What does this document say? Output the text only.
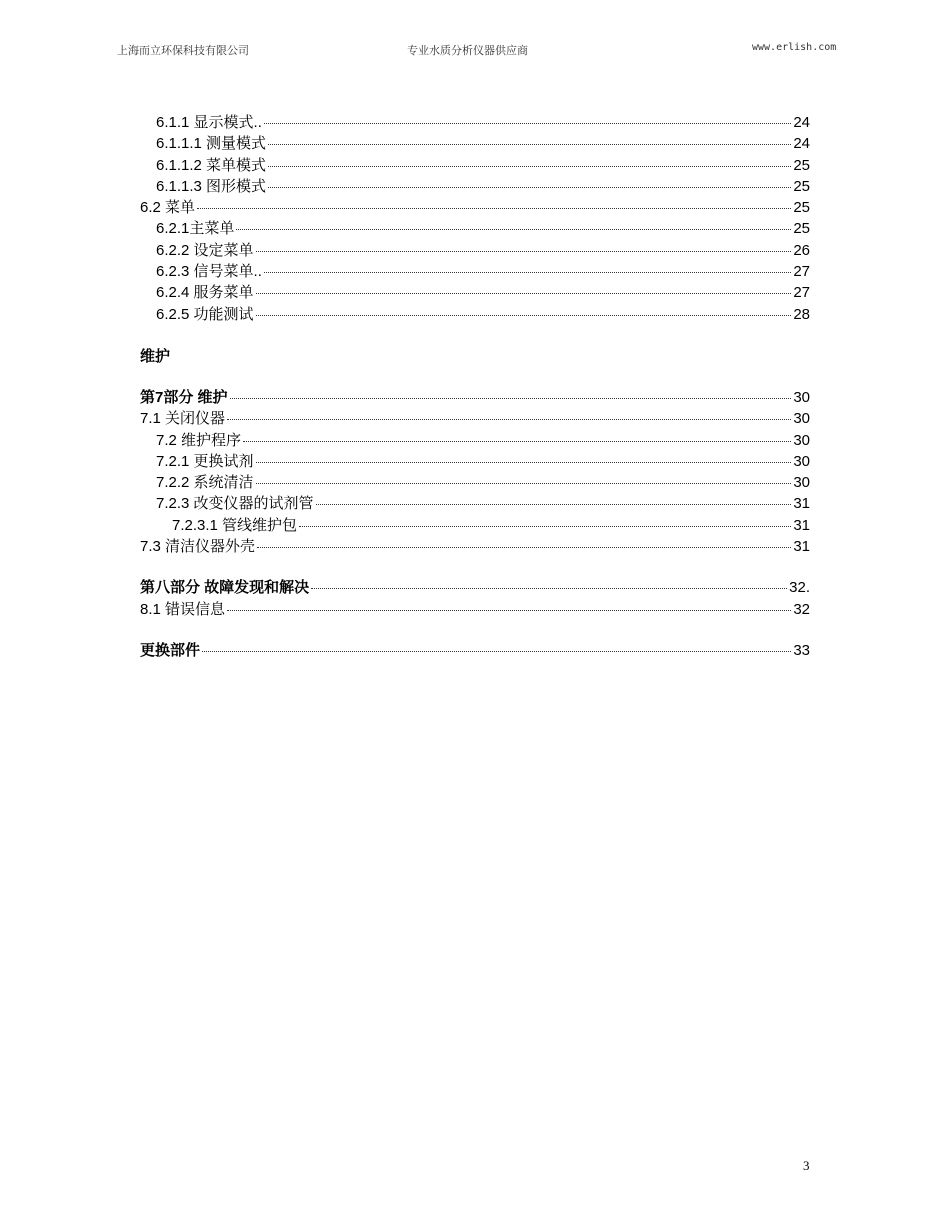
上海而立环保科技有限公司	专业水质分析仪器供应商	www.erlish.com
6.1.1 显示模式..	24
6.1.1.1 测量模式	24
6.1.1.2 菜单模式	25
6.1.1.3 图形模式	25
6.2 菜单	25
6.2.1主菜单	25
6.2.2 设定菜单	26
6.2.3 信号菜单..	27
6.2.4 服务菜单	27
6.2.5 功能测试	28
维护
第7部分 维护	30
7.1 关闭仪器	30
7.2 维护程序	30
7.2.1 更换试剂	30
7.2.2 系统清洁	30
7.2.3 改变仪器的试剂管	31
7.2.3.1 管线维护包	31
7.3 清洁仪器外壳	31
第八部分 故障发现和解决	32.
8.1 错误信息	32
更换部件	33
3
